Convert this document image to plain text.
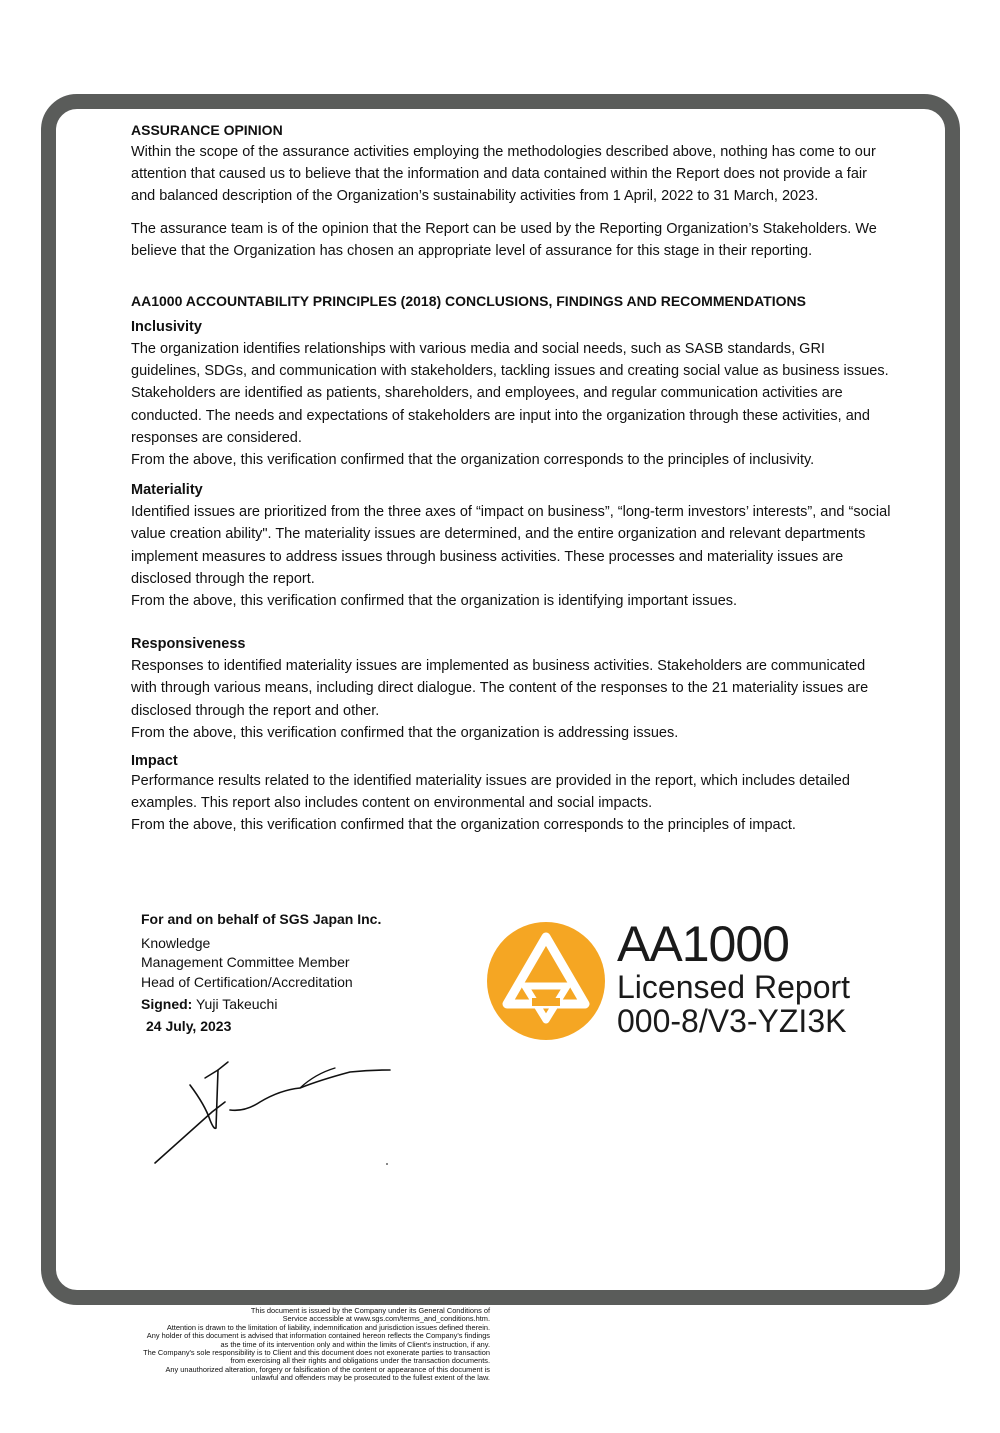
ASSURANCE OPINION

Within the scope of the assurance activities employing the methodologies described above, nothing has come to our attention that caused us to believe that the information and data contained within the Report does not provide a fair and balanced description of the Organization’s sustainability activities from 1 April, 2022 to 31 March, 2023.

The assurance team is of the opinion that the Report can be used by the Reporting Organization’s Stakeholders. We believe that the Organization has chosen an appropriate level of assurance for this stage in their reporting.

AA1000 ACCOUNTABILITY PRINCIPLES (2018) CONCLUSIONS, FINDINGS AND RECOMMENDATIONS
Inclusivity

The organization identifies relationships with various media and social needs, such as SASB standards, GRI guidelines, SDGs, and communication with stakeholders, tackling issues and creating social value as business issues. Stakeholders are identified as patients, shareholders, and employees, and regular communication activities are conducted. The needs and expectations of stakeholders are input into the organization through these activities, and responses are considered.

From the above, this verification confirmed that the organization corresponds to the principles of inclusivity.

Materiality

Identified issues are prioritized from the three axes of “impact on business”, “long-term investors’ interests”, and “social value creation ability". The materiality issues are determined, and the entire organization and relevant departments implement measures to address issues through business activities. These processes and materiality issues are disclosed through the report.

From the above, this verification confirmed that the organization is identifying important issues.

Responsiveness

Responses to identified materiality issues are implemented as business activities. Stakeholders are communicated with through various means, including direct dialogue. The content of the responses to the 21 materiality issues are disclosed through the report and other.

From the above, this verification confirmed that the organization is addressing issues.

Impact

Performance results related to the identified materiality issues are provided in the report, which includes detailed examples. This report also includes content on environmental and social impacts.

From the above, this verification confirmed that the organization corresponds to the principles of impact.

For and on behalf of SGS Japan Inc.
Knowledge
Management Committee Member
Head of Certification/Accreditation
Signed: Yuji Takeuchi
24 July, 2023
AA1000
Licensed Report
000-8/V3-YZI3K
This document is issued by the Company under its General Conditions of
Service accessible at www.sgs.com/terms_and_conditions.htm.
Attention is drawn to the limitation of liability, indemnification and jurisdiction issues defined therein.
Any holder of this document is advised that information contained hereon reflects the Company's findings
as the time of its intervention only and within the limits of Client's instruction, if any.
The Company's sole responsibility is to Client and this document does not exonerate parties to transaction
from exercising all their rights and obligations under the transaction documents.
Any unauthorized alteration, forgery or falsification of the content or appearance of this document is
unlawful and offenders may be prosecuted to the fullest extent of the law.
